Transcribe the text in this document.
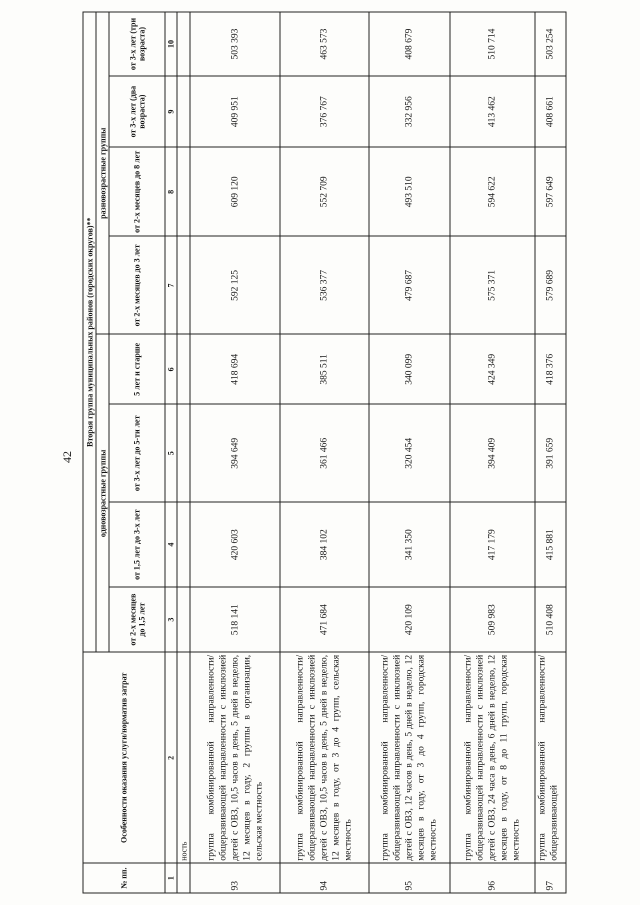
42
№ пп.	Особенности оказания услуги/норматив затрат	Вторая группа муниципальных районов (городских округов)**							
		одновозрастные группы				разновозрастные группы			
		от 2-х месяцев до 1,5 лет	от 1,5 лет до 3-х лет	от 3-х лет до 5-ти лет	5 лет и старше	от 2-х месяцев до 3 лет	от 2-х месяцев до 8 лет	от 3-х лет (два возраста)	от 3-х лет (три возраста)
1	2	3	4	5	6	7	8	9	10
	ность								
93	группа комбинированной направленности/ общеразвивающей направленности с инклюзией детей с ОВЗ, 10,5 часов в день, 5 дней в неделю, 12 месяцев в году, 2 группы в организации, сельская местность	518 141	420 603	394 649	418 694	592 125	609 120	409 951	503 393
94	группа комбинированной направленности/ общеразвивающей направленности с инклюзией детей с ОВЗ, 10,5 часов в день, 5 дней в неделю, 12 месяцев в году, от 3 до 4 групп, сельская местность	471 684	384 102	361 466	385 511	536 377	552 709	376 767	463 573
95	группа комбинированной направленности/общеразвивающей направленности с инклюзией детей с ОВЗ, 12 часов в день, 5 дней в неделю, 12 месяцев в году, от 3 до 4 групп, городская местность	420 109	341 350	320 454	340 099	479 687	493 510	332 956	408 679
96	группа комбинированной направленности/ общеразвивающей направленности с инклюзией детей с ОВЗ, 24 часа в день, 6 дней в неделю, 12 месяцев в году, от 8 до 11 групп, городская местность	509 983	417 179	394 409	424 349	575 371	594 622	413 462	510 714
97	группа комбинированной направленности/ общеразвивающей	510 408	415 881	391 659	418 376	579 689	597 649	408 661	503 254
